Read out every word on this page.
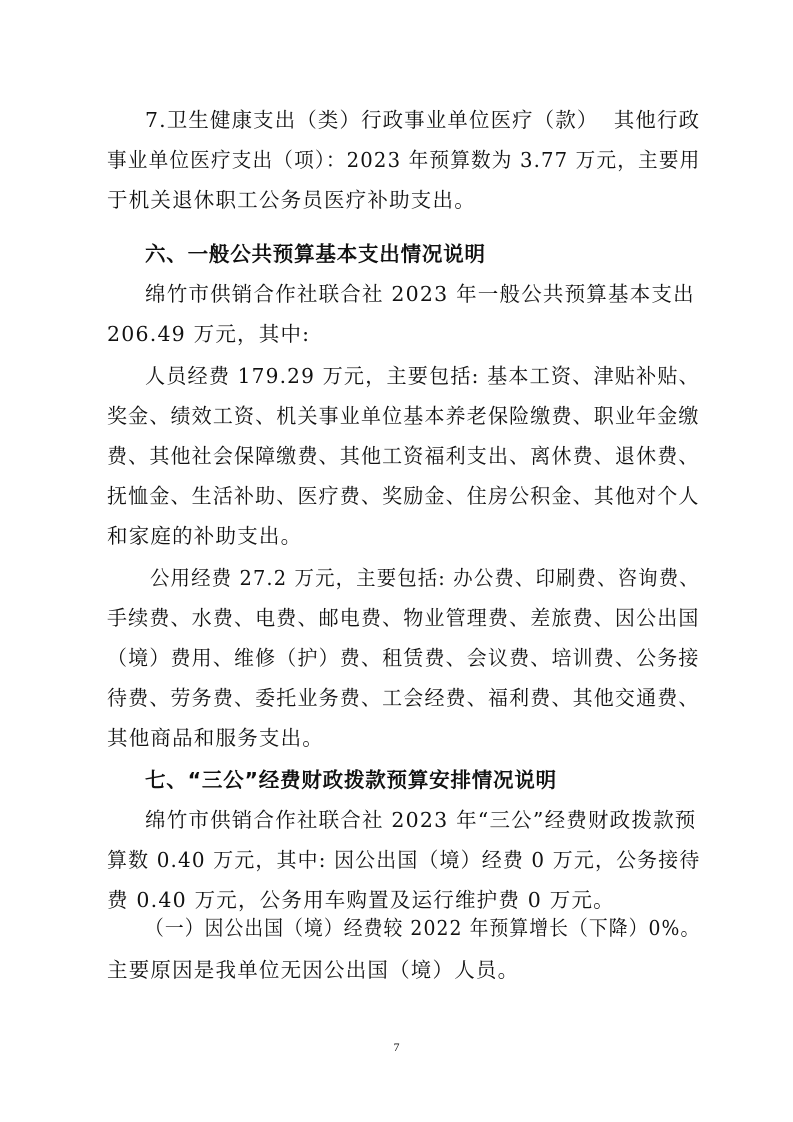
7.卫生健康支出（类）行政事业单位医疗（款）  其他行政
事业单位医疗支出（项）：2023 年预算数为 3.77 万元，主要用
于机关退休职工公务员医疗补助支出。
六、一般公共预算基本支出情况说明
绵竹市供销合作社联合社 2023 年一般公共预算基本支出
206.49 万元，其中:
人员经费 179.29 万元，主要包括: 基本工资、津贴补贴、
奖金、绩效工资、机关事业单位基本养老保险缴费、职业年金缴
费、其他社会保障缴费、其他工资福利支出、离休费、退休费、
抚恤金、生活补助、医疗费、奖励金、住房公积金、其他对个人
和家庭的补助支出。
公用经费 27.2 万元，主要包括: 办公费、印刷费、咨询费、
手续费、水费、电费、邮电费、物业管理费、差旅费、因公出国
（境）费用、维修（护）费、租赁费、会议费、培训费、公务接
待费、劳务费、委托业务费、工会经费、福利费、其他交通费、
其他商品和服务支出。
七、“三公”经费财政拨款预算安排情况说明
绵竹市供销合作社联合社 2023 年“三公”经费财政拨款预
算数 0.40 万元，其中: 因公出国（境）经费 0 万元，公务接待
费 0.40 万元，公务用车购置及运行维护费 0 万元。
（一）因公出国（境）经费较 2022 年预算增长（下降）0%。
主要原因是我单位无因公出国（境）人员。
7
